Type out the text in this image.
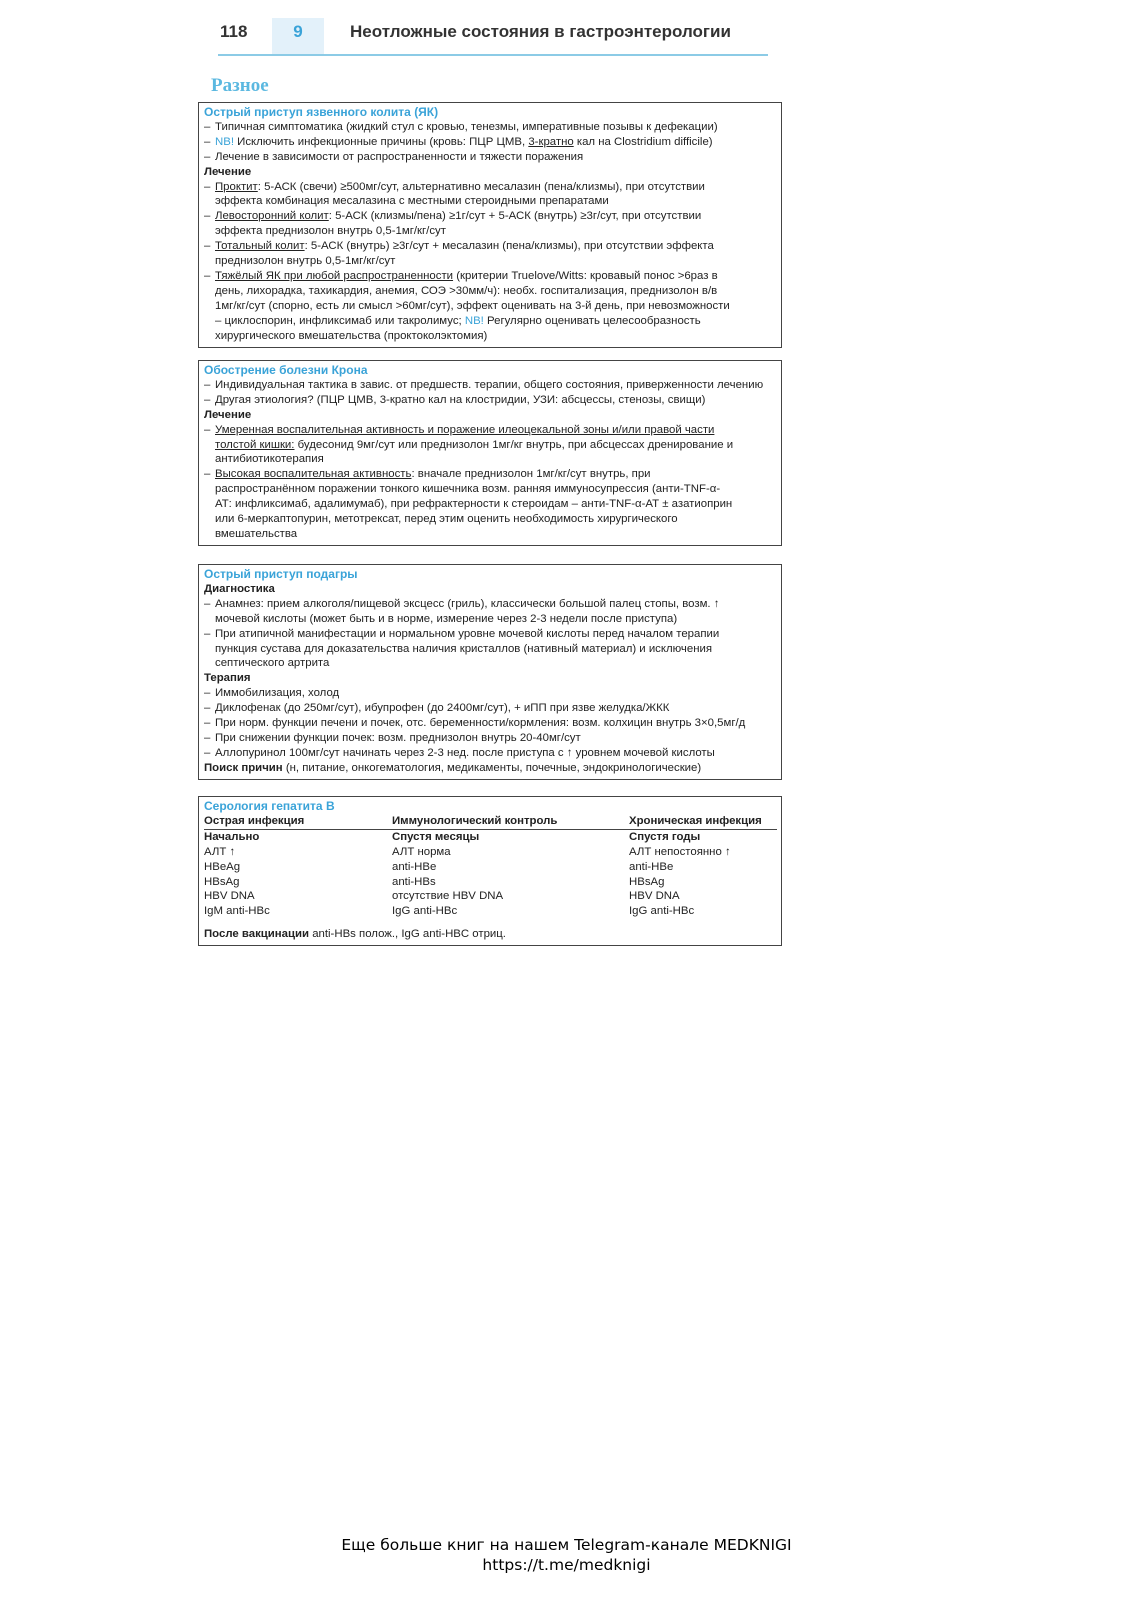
118	9	Неотложные состояния в гастроэнтерологии
Разное
Острый приступ язвенного колита (ЯК)
– Типичная симптоматика (жидкий стул с кровью, тенезмы, императивные позывы к дефекации)
– NB! Исключить инфекционные причины (кровь: ПЦР ЦМВ, 3-кратно кал на Clostridium difficile)
– Лечение в зависимости от распространенности и тяжести поражения
Лечение
– Проктит: 5-АСК (свечи) ≥500мг/сут, альтернативно месалазин (пена/клизмы), при отсутствии
эффекта комбинация месалазина с местными стероидными препаратами
– Левосторонний колит: 5-АСК (клизмы/пена) ≥1г/сут + 5-АСК (внутрь) ≥3г/сут, при отсутствии
эффекта преднизолон внутрь 0,5-1мг/кг/сут
– Тотальный колит: 5-АСК (внутрь) ≥3г/сут + месалазин (пена/клизмы), при отсутствии эффекта
преднизолон внутрь 0,5-1мг/кг/сут
– Тяжёлый ЯК при любой распространенности (критерии Truelove/Witts: кровавый понос >6раз в
день, лихорадка, тахикардия, анемия, СОЭ >30мм/ч): необх. госпитализация, преднизолон в/в
1мг/кг/сут (спорно, есть ли смысл >60мг/сут), эффект оценивать на 3-й день, при невозможности
– циклоспорин, инфликсимаб или такролимус; NB! Регулярно оценивать целесообразность
хирургического вмешательства (проктоколэктомия)
Обострение болезни Крона
– Индивидуальная тактика в завис. от предшеств. терапии, общего состояния, приверженности лечению
– Другая этиология? (ПЦР ЦМВ, 3-кратно кал на клостридии, УЗИ: абсцессы, стенозы, свищи)
Лечение
– Умеренная воспалительная активность и поражение илеоцекальной зоны и/или правой части
толстой кишки: будесонид 9мг/сут или преднизолон 1мг/кг внутрь, при абсцессах дренирование и
антибиотикотерапия
– Высокая воспалительная активность: вначале преднизолон 1мг/кг/сут внутрь, при
распространённом поражении тонкого кишечника возм. ранняя иммуносупрессия (анти-TNF-α-
АТ: инфликсимаб, адалимумаб), при рефрактерности к стероидам – анти-TNF-α-АТ ± азатиоприн
или 6-меркаптопурин, метотрексат, перед этим оценить необходимость хирургического
вмешательства
Острый приступ подагры
Диагностика
– Анамнез: прием алкоголя/пищевой эксцесс (гриль), классически большой палец стопы, возм. ↑
мочевой кислоты (может быть и в норме, измерение через 2-3 недели после приступа)
– При атипичной манифестации и нормальном уровне мочевой кислоты перед началом терапии
пункция сустава для доказательства наличия кристаллов (нативный материал) и исключения
септического артрита
Терапия
– Иммобилизация, холод
– Диклофенак (до 250мг/сут), ибупрофен (до 2400мг/сут), + иПП при язве желудка/ЖКК
– При норм. функции печени и почек, отс. беременности/кормления: возм. колхицин внутрь 3×0,5мг/д
– При снижении функции почек: возм. преднизолон внутрь 20-40мг/сут
– Аллопуринол 100мг/сут начинать через 2-3 нед. после приступа с ↑ уровнем мочевой кислоты
Поиск причин (н, питание, онкогематология, медикаменты, почечные, эндокринологические)
Серология гепатита В
Острая инфекция	Иммунологический контроль	Хроническая инфекция
Начально	Спустя месяцы	Спустя годы
АЛТ ↑	АЛТ норма	АЛТ непостоянно ↑
HBeAg	anti-HBe	anti-HBe
HBsAg	anti-HBs	HBsAg
HBV DNA	отсутствие HBV DNA	HBV DNA
IgM anti-HBc	IgG anti-HBc	IgG anti-HBc
После вакцинации anti-HBs полож., IgG anti-HBC отриц.
Еще больше книг на нашем Telegram-канале MEDKNIGI
https://t.me/medknigi
